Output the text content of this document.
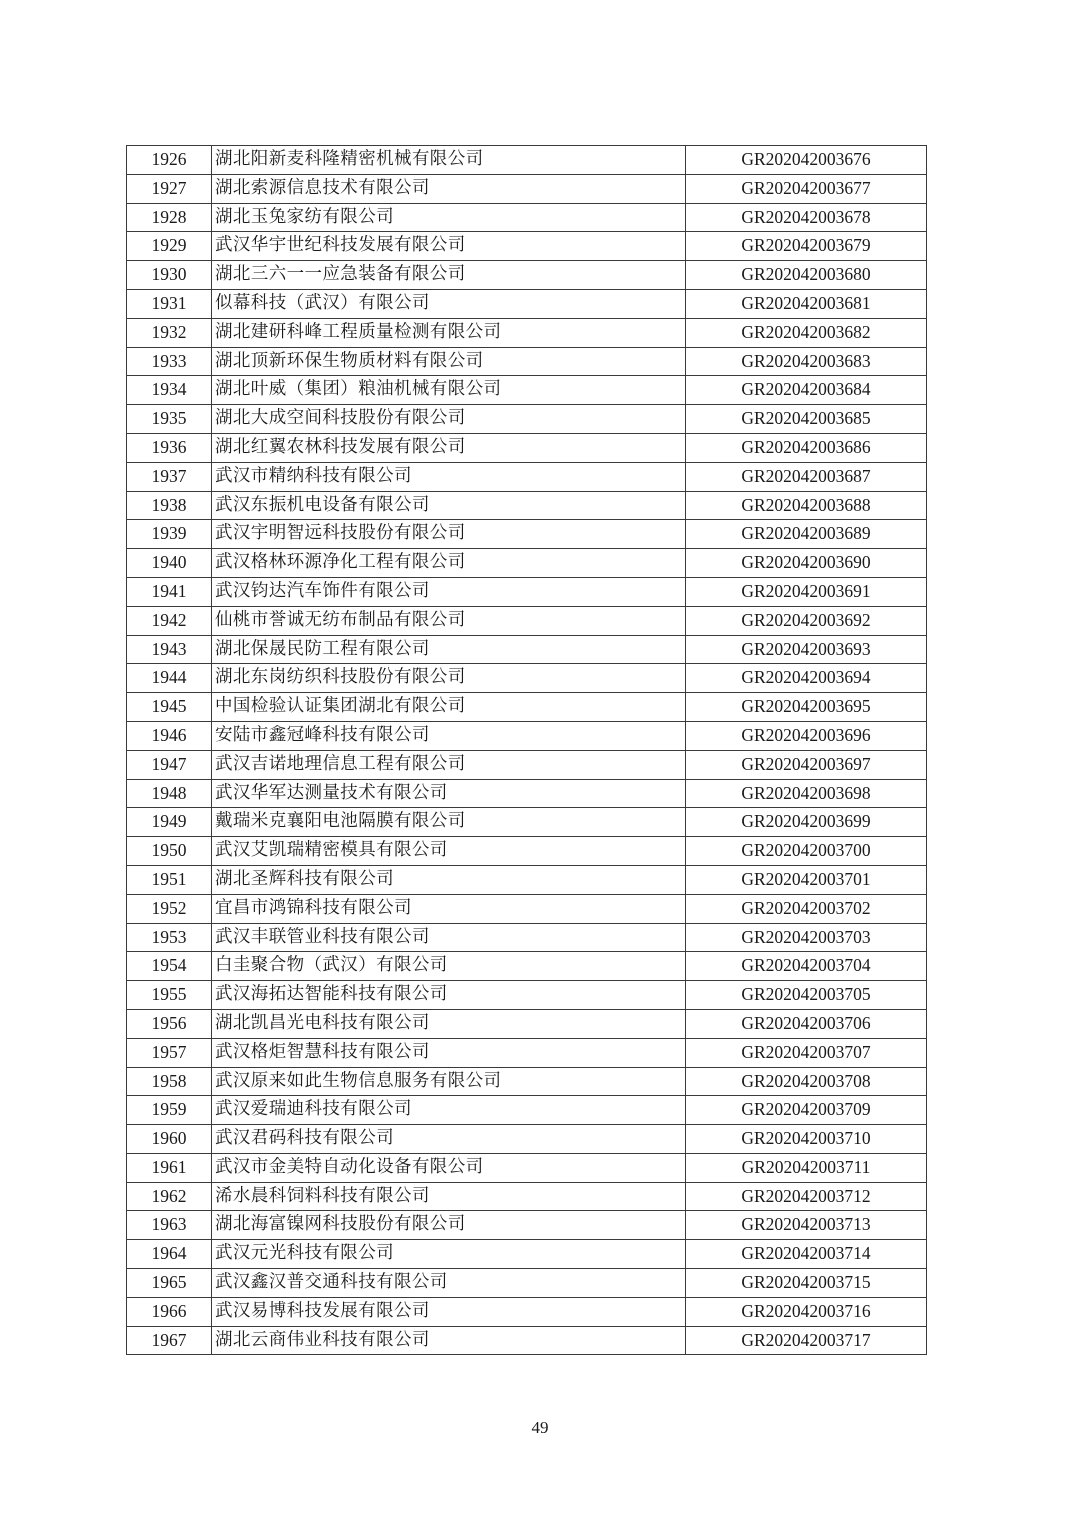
1926	湖北阳新麦科隆精密机械有限公司	GR202042003676
1927	湖北索源信息技术有限公司	GR202042003677
1928	湖北玉兔家纺有限公司	GR202042003678
1929	武汉华宇世纪科技发展有限公司	GR202042003679
1930	湖北三六一一应急装备有限公司	GR202042003680
1931	似幕科技（武汉）有限公司	GR202042003681
1932	湖北建研科峰工程质量检测有限公司	GR202042003682
1933	湖北顶新环保生物质材料有限公司	GR202042003683
1934	湖北叶威（集团）粮油机械有限公司	GR202042003684
1935	湖北大成空间科技股份有限公司	GR202042003685
1936	湖北红翼农林科技发展有限公司	GR202042003686
1937	武汉市精纳科技有限公司	GR202042003687
1938	武汉东振机电设备有限公司	GR202042003688
1939	武汉宇明智远科技股份有限公司	GR202042003689
1940	武汉格林环源净化工程有限公司	GR202042003690
1941	武汉钧达汽车饰件有限公司	GR202042003691
1942	仙桃市誉诚无纺布制品有限公司	GR202042003692
1943	湖北保晟民防工程有限公司	GR202042003693
1944	湖北东岗纺织科技股份有限公司	GR202042003694
1945	中国检验认证集团湖北有限公司	GR202042003695
1946	安陆市鑫冠峰科技有限公司	GR202042003696
1947	武汉吉诺地理信息工程有限公司	GR202042003697
1948	武汉华军达测量技术有限公司	GR202042003698
1949	戴瑞米克襄阳电池隔膜有限公司	GR202042003699
1950	武汉艾凯瑞精密模具有限公司	GR202042003700
1951	湖北圣辉科技有限公司	GR202042003701
1952	宜昌市鸿锦科技有限公司	GR202042003702
1953	武汉丰联管业科技有限公司	GR202042003703
1954	白圭聚合物（武汉）有限公司	GR202042003704
1955	武汉海拓达智能科技有限公司	GR202042003705
1956	湖北凯昌光电科技有限公司	GR202042003706
1957	武汉格炬智慧科技有限公司	GR202042003707
1958	武汉原来如此生物信息服务有限公司	GR202042003708
1959	武汉爱瑞迪科技有限公司	GR202042003709
1960	武汉君码科技有限公司	GR202042003710
1961	武汉市金美特自动化设备有限公司	GR202042003711
1962	浠水晨科饲料科技有限公司	GR202042003712
1963	湖北海富镍网科技股份有限公司	GR202042003713
1964	武汉元光科技有限公司	GR202042003714
1965	武汉鑫汉普交通科技有限公司	GR202042003715
1966	武汉易博科技发展有限公司	GR202042003716
1967	湖北云商伟业科技有限公司	GR202042003717
49
